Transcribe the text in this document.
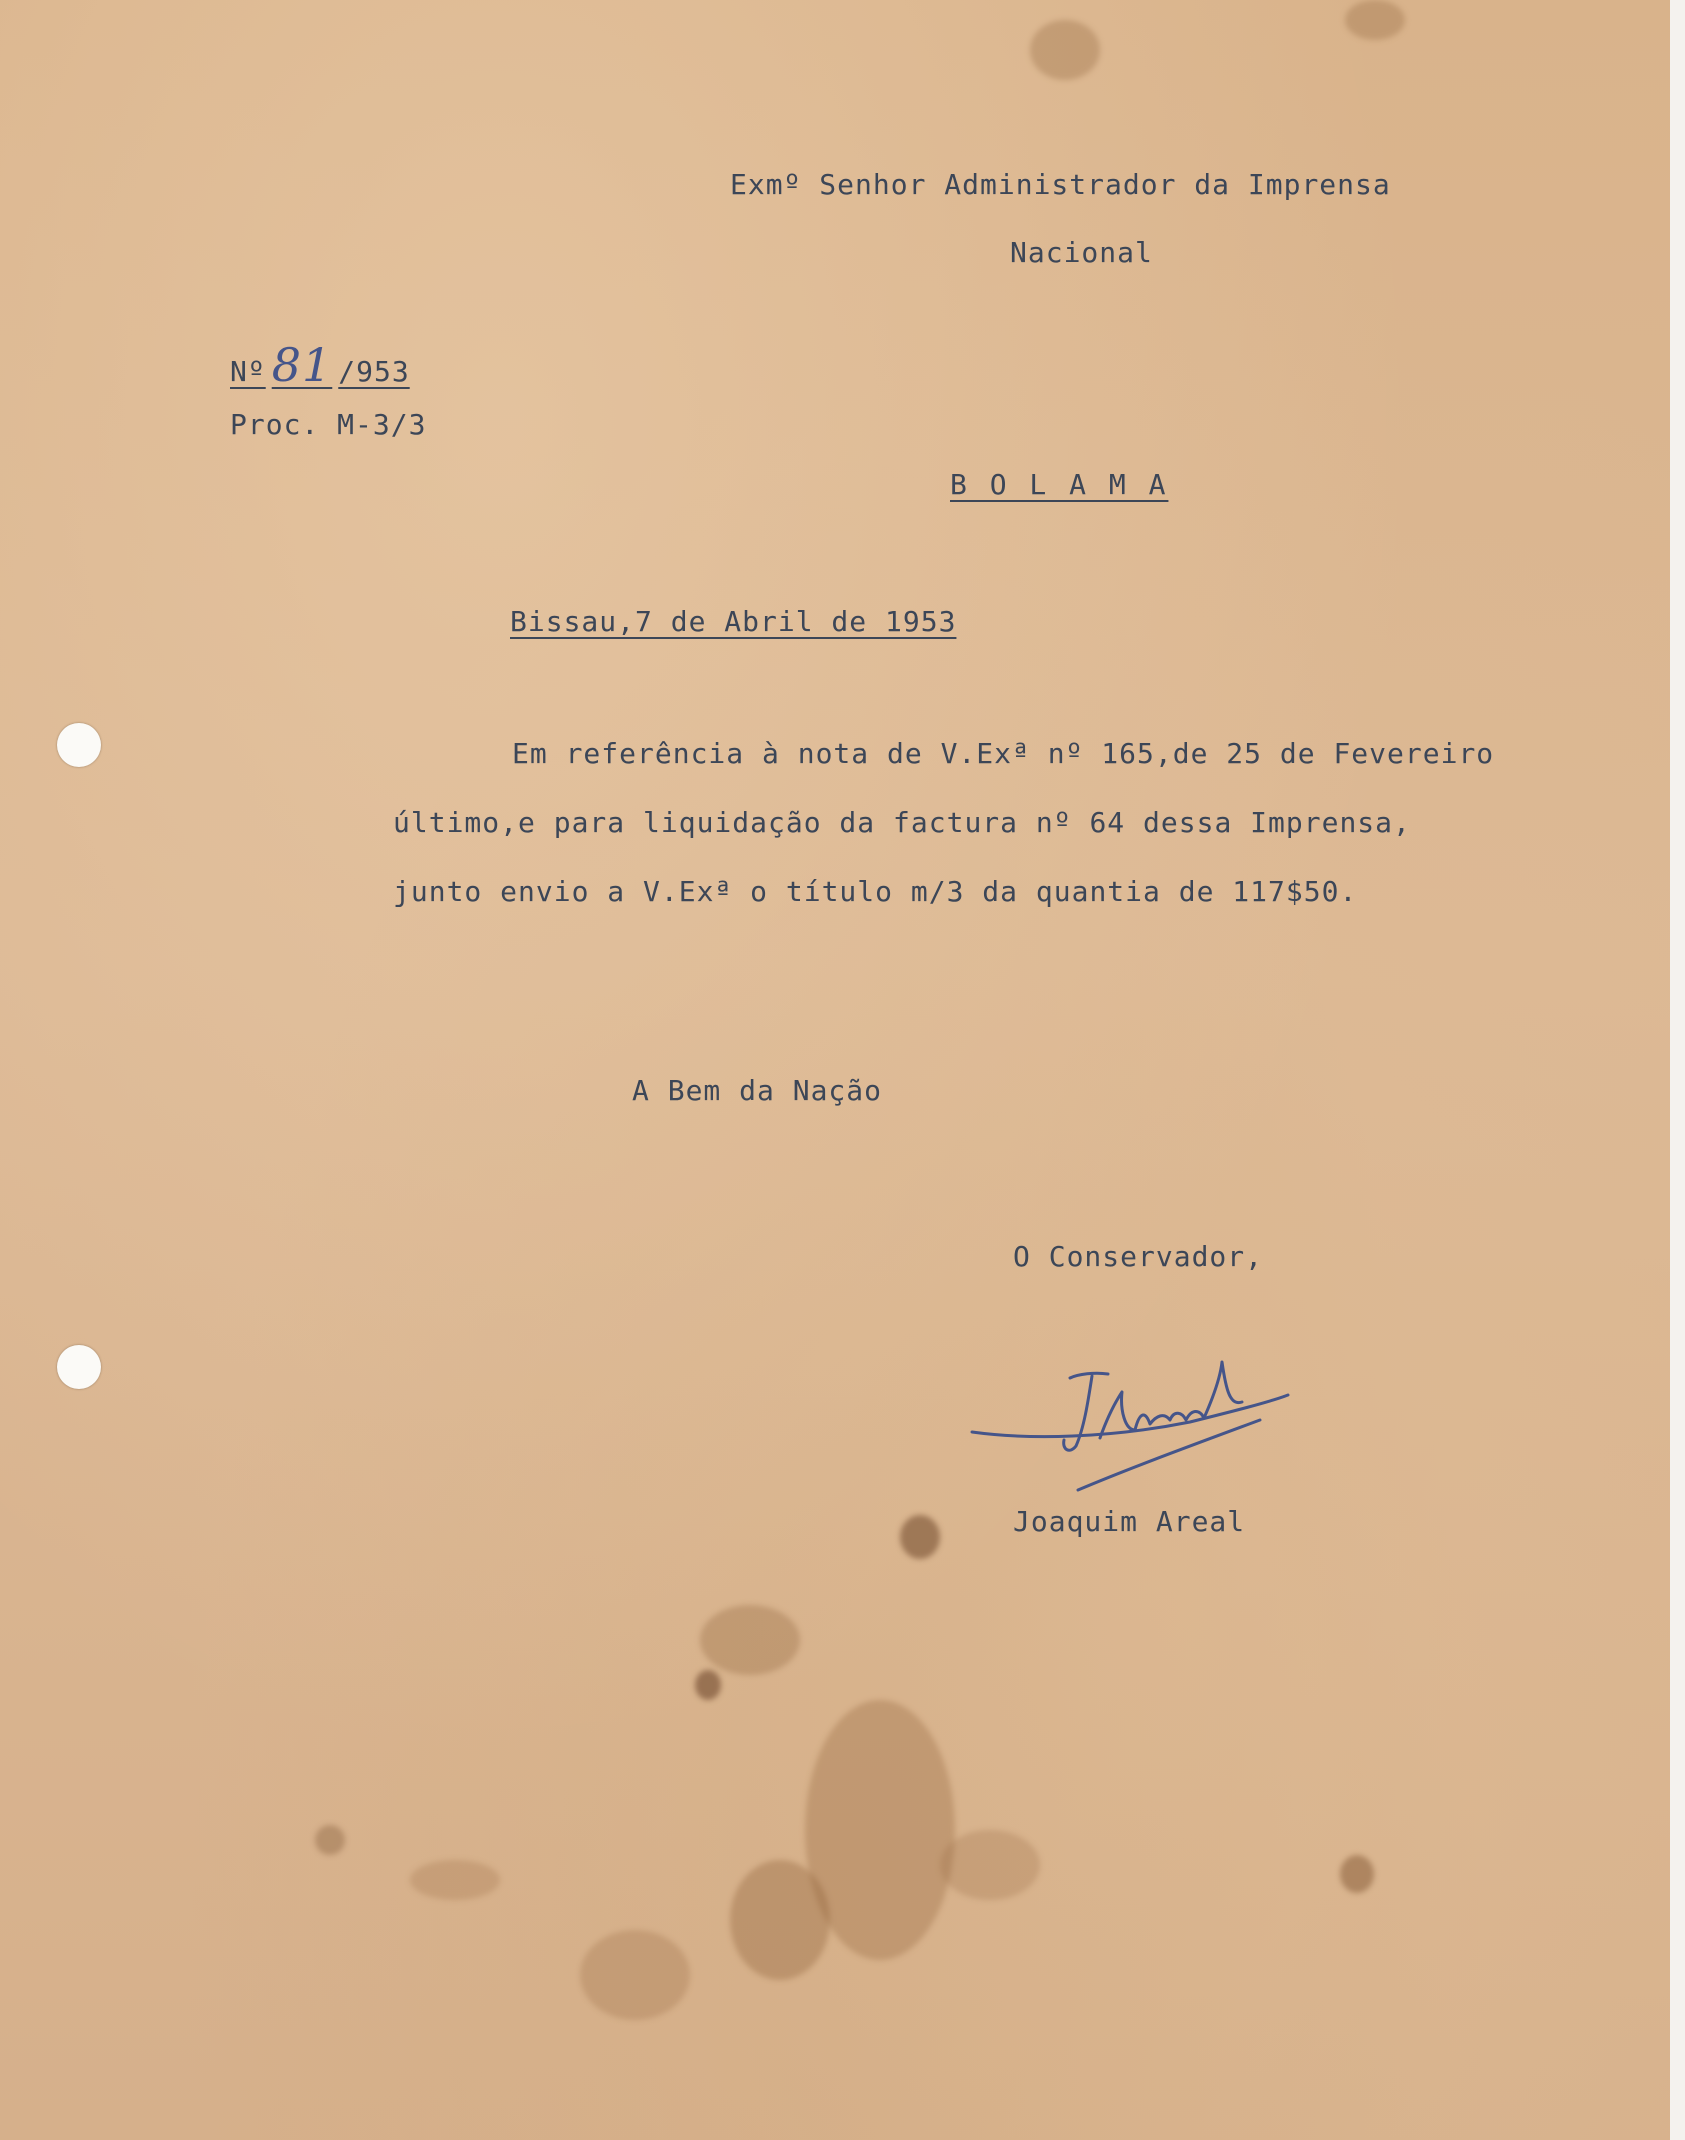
Exmº Senhor Administrador da Imprensa

Nacional

Nº 81 /953

Proc. M-3/3

B O L A M A

Bissau,7 de Abril de 1953

Em referência à nota de V.Exª nº 165,de 25 de Fevereiro

último,e para liquidação da factura nº 64 dessa Imprensa,

junto envio a V.Exª o título m/3 da quantia de 117$50.

A Bem da Nação

O Conservador,

Joaquim Areal
